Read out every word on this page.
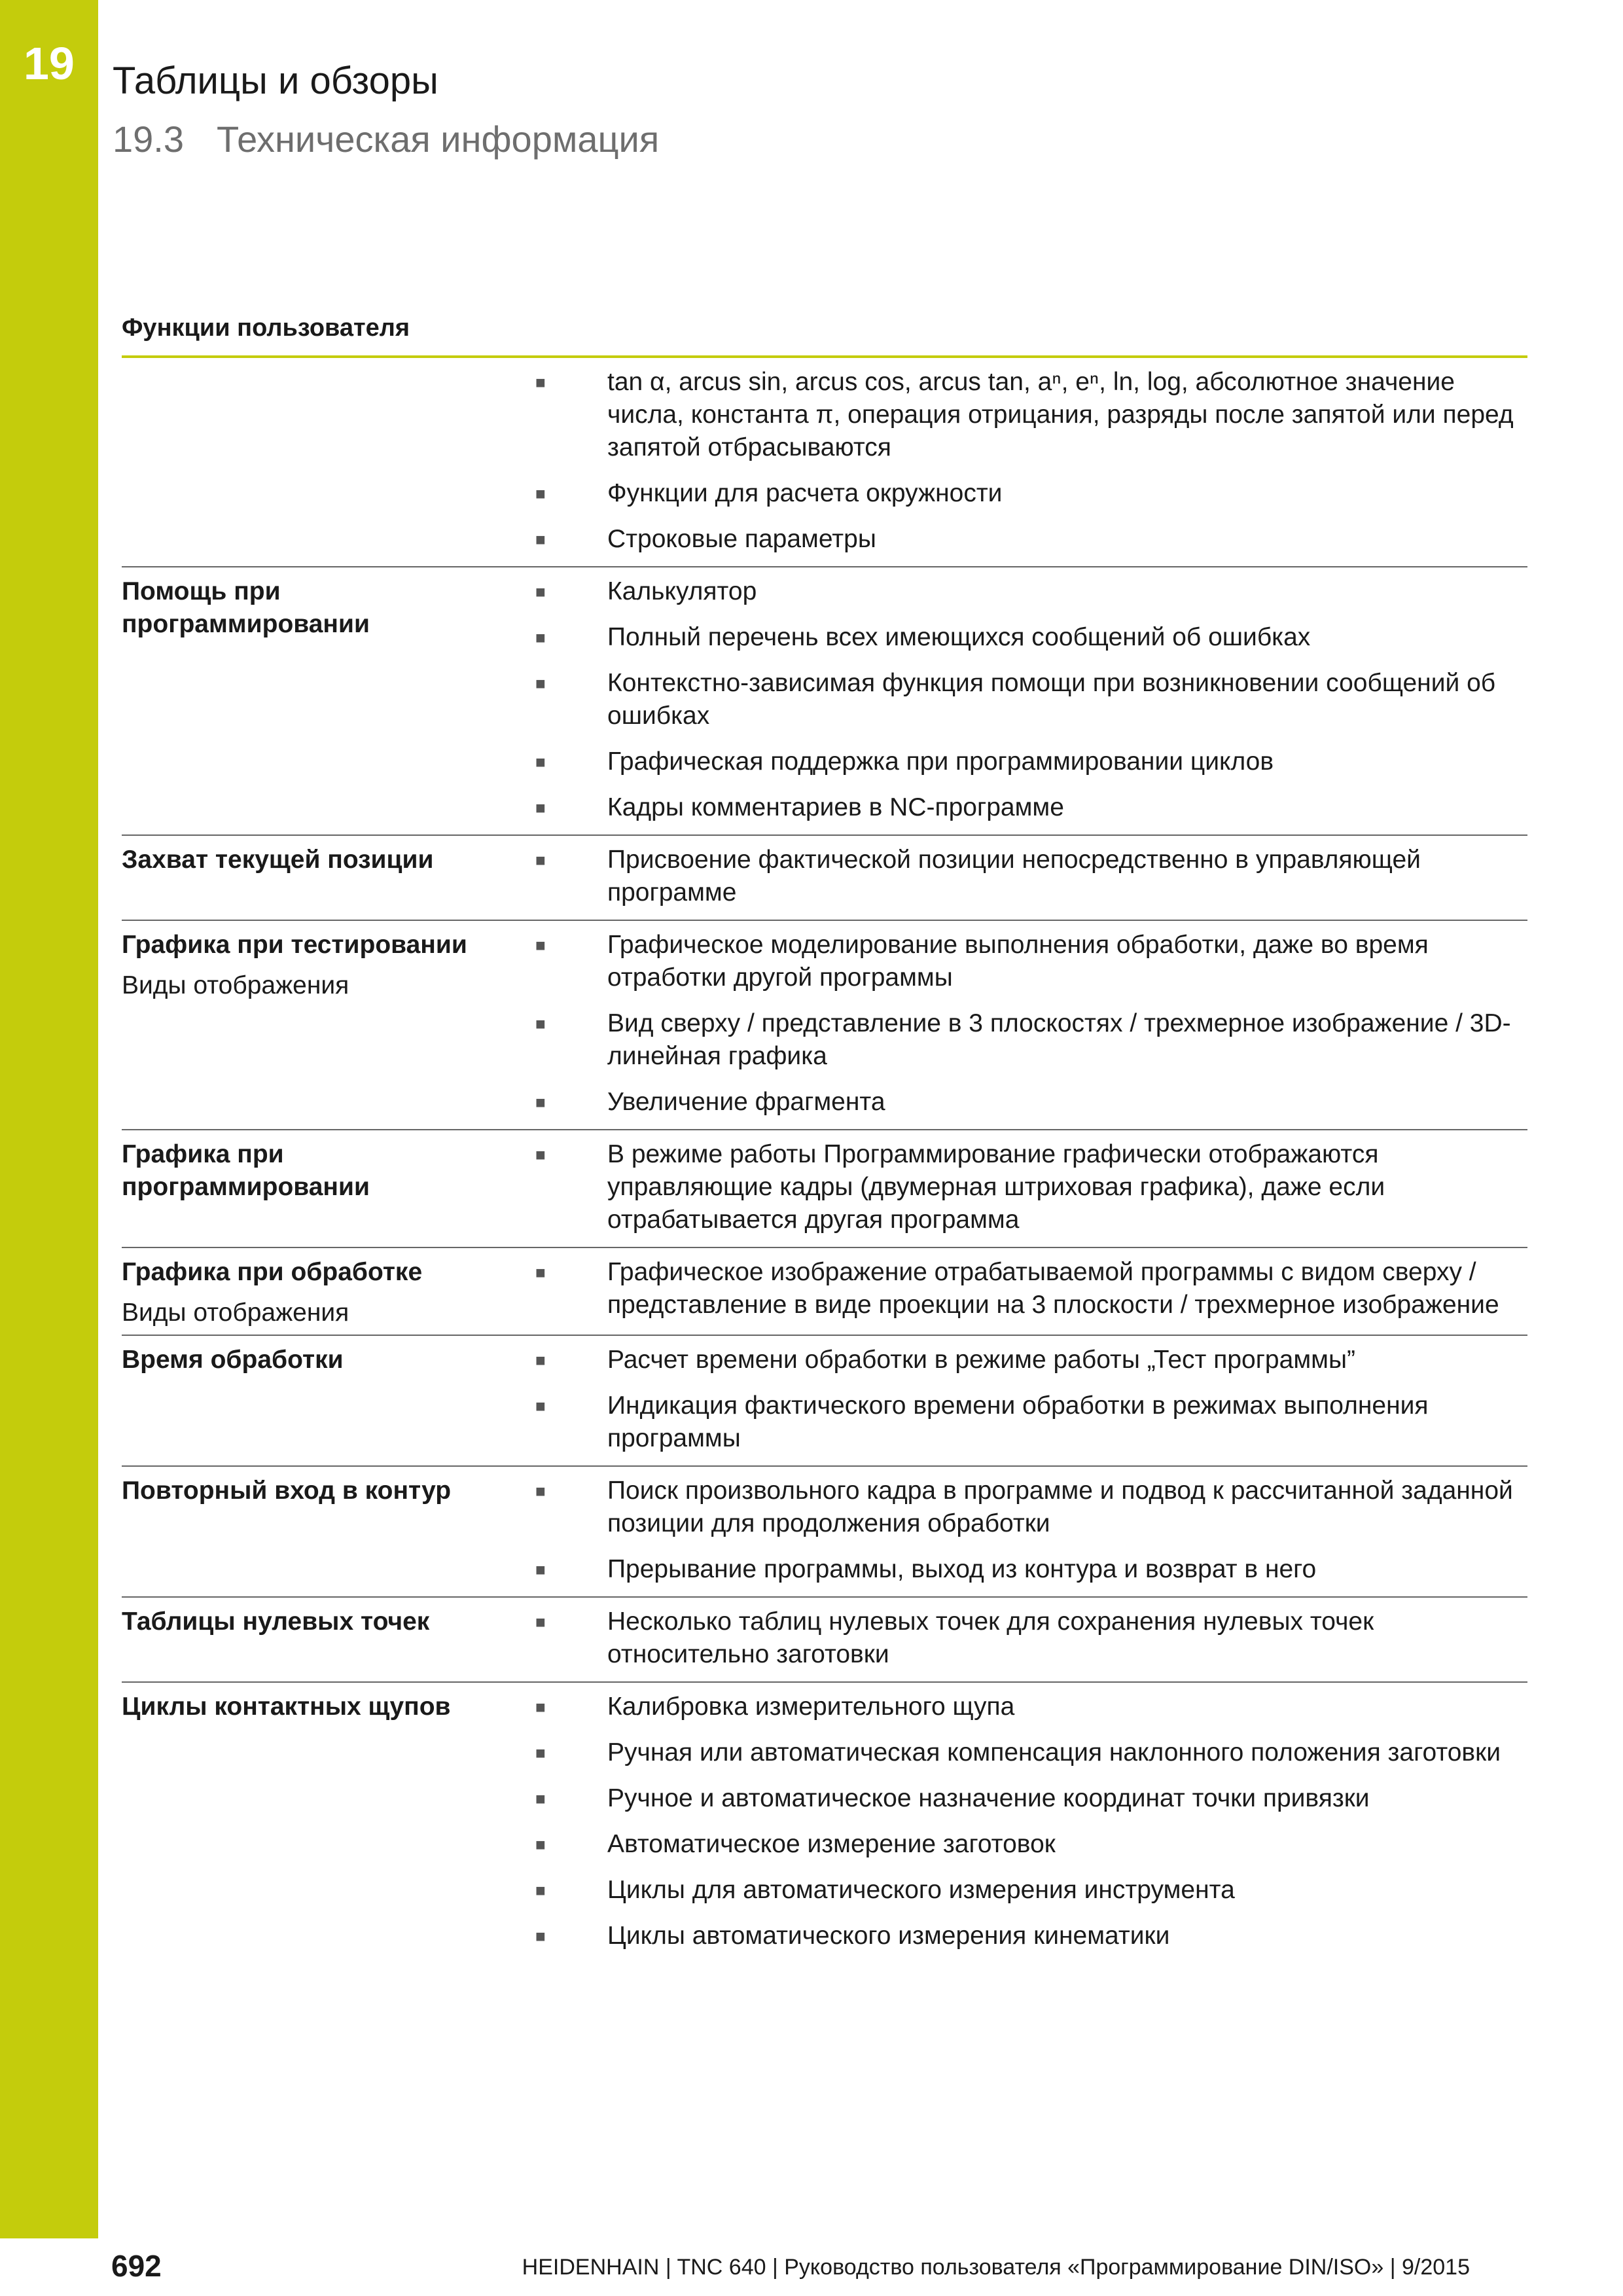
19 Таблицы и обзоры
19.3 Техническая информация
Функции пользователя
■	tan α, arcus sin, arcus cos, arcus tan, aⁿ, eⁿ, ln, log, абсолютное значение числа, константа π, операция отрицания, разряды после запятой или перед запятой отбрасываются
■	Функции для расчета окружности
■	Строковые параметры
Помощь при программировании
■	Калькулятор
■	Полный перечень всех имеющихся сообщений об ошибках
■	Контекстно-зависимая функция помощи при возникновении сообщений об ошибках
■	Графическая поддержка при программировании циклов
■	Кадры комментариев в NC-программе
Захват текущей позиции	■	Присвоение фактической позиции непосредственно в управляющей программе
Графика при тестировании
Виды отображения
■	Графическое моделирование выполнения обработки, даже во время отработки другой программы
■	Вид сверху / представление в 3 плоскостях / трехмерное изображение / 3D-линейная графика
■	Увеличение фрагмента
Графика при программировании
■	В режиме работы Программирование графически отображаются управляющие кадры (двумерная штриховая графика), даже если отрабатывается другая программа
Графика при обработке
Виды отображения
■	Графическое изображение отрабатываемой программы с видом сверху / представление в виде проекции на 3 плоскости / трехмерное изображение
Время обработки	■	Расчет времени обработки в режиме работы „Тест программы”
■	Индикация фактического времени обработки в режимах выполнения программы
Повторный вход в контур	■	Поиск произвольного кадра в программе и подвод к рассчитанной заданной позиции для продолжения обработки
■	Прерывание программы, выход из контура и возврат в него
Таблицы нулевых точек	■	Несколько таблиц нулевых точек для сохранения нулевых точек относительно заготовки
Циклы контактных щупов	■	Калибровка измерительного щупа
■	Ручная или автоматическая компенсация наклонного положения заготовки
■	Ручное и автоматическое назначение координат точки привязки
■	Автоматическое измерение заготовок
■	Циклы для автоматического измерения инструмента
■	Циклы автоматического измерения кинематики
692	HEIDENHAIN | TNC 640 | Руководство пользователя «Программирование DIN/ISO» | 9/2015
